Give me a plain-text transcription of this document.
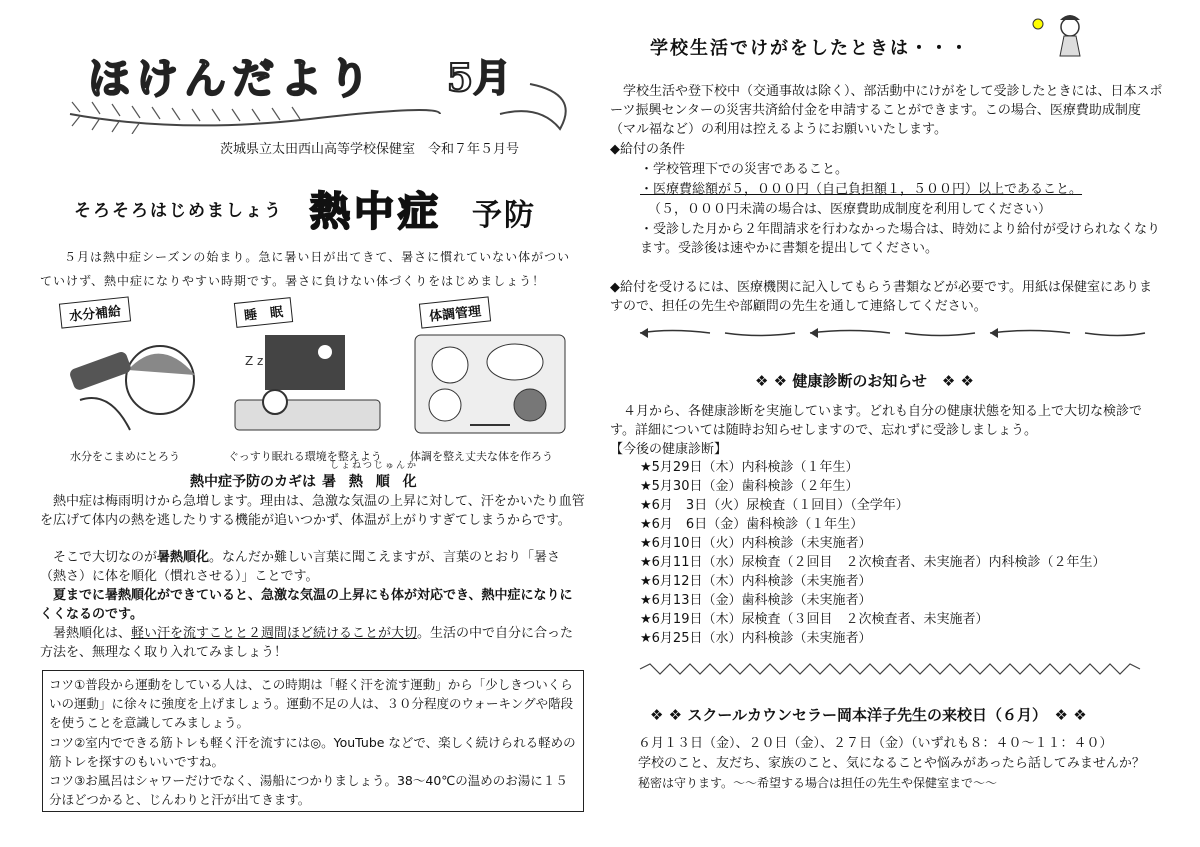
ほけんだより 5月
茨城県立太田西山高等学校保健室　令和７年５月号
そろそろはじめましょう 熱中症 予防
５月は熱中症シーズンの始まり。急に暑い日が出てきて、暑さに慣れていない体がついていけず、熱中症になりやすい時期です。暑さに負けない体づくりをはじめましょう！
水分補給	睡　眠
Z z
体調管理
水分をこまめにとろう	ぐっすり眠れる環境を整えよう	体調を整え丈夫な体を作ろう
熱中症予防のカギは
しょねつじゅんか
暑 熱 順 化
熱中症は梅雨明けから急増します。理由は、急激な気温の上昇に対して、汗をかいたり血管を広げて体内の熱を逃したりする機能が追いつかず、体温が上がりすぎてしまうからです。
そこで大切なのが暑熱順化。なんだか難しい言葉に聞こえますが、言葉のとおり「暑さ（熱さ）に体を順化（慣れさせる）」ことです。
夏までに暑熱順化ができていると、急激な気温の上昇にも体が対応でき、熱中症になりにくくなるのです。
暑熱順化は、軽い汗を流すことと２週間ほど続けることが大切。生活の中で自分に合った方法を、無理なく取り入れてみましょう！
コツ①普段から運動をしている人は、この時期は「軽く汗を流す運動」から「少しきついくらいの運動」に徐々に強度を上げましょう。運動不足の人は、３０分程度のウォーキングや階段を使うことを意識してみましょう。
コツ②室内でできる筋トレも軽く汗を流すには◎。YouTube などで、楽しく続けられる軽めの筋トレを探すのもいいですね。
コツ③お風呂はシャワーだけでなく、湯船につかりましょう。38～40℃の温めのお湯に１５分ほどつかると、じんわりと汗が出てきます。
学校生活でけがをしたときは・・・
学校生活や登下校中（交通事故は除く）、部活動中にけがをして受診したときには、日本スポーツ振興センターの災害共済給付金を申請することができます。この場合、医療費助成制度（マル福など）の利用は控えるようにお願いいたします。
◆給付の条件
・学校管理下での災害であること。
・医療費総額が５，０００円（自己負担額１，５００円）以上であること。
（５，０００円未満の場合は、医療費助成制度を利用してください）
・受診した月から２年間請求を行わなかった場合は、時効により給付が受けられなくなります。受診後は速やかに書類を提出してください。
◆給付を受けるには、医療機関に記入してもらう書類などが必要です。用紙は保健室にありますので、担任の先生や部顧問の先生を通して連絡してください。
❖ ❖ 健康診断のお知らせ　❖ ❖
４月から、各健康診断を実施しています。どれも自分の健康状態を知る上で大切な検診です。詳細については随時お知らせしますので、忘れずに受診しましょう。
【今後の健康診断】
★5月29日（木）内科検診（１年生）
★5月30日（金）歯科検診（２年生）
★6月　3日（火）尿検査（１回目）（全学年）
★6月　6日（金）歯科検診（１年生）
★6月10日（火）内科検診（未実施者）
★6月11日（水）尿検査（２回目　２次検査者、未実施者）内科検診（２年生）
★6月12日（木）内科検診（未実施者）
★6月13日（金）歯科検診（未実施者）
★6月19日（木）尿検査（３回目　２次検査者、未実施者）
★6月25日（水）内科検診（未実施者）
❖ ❖ スクールカウンセラー岡本洋子先生の来校日（６月）　❖ ❖
６月１３日（金）、２０日（金）、２７日（金）（いずれも８：４０～１１：４０）
学校のこと、友だち、家族のこと、気になることや悩みがあったら話してみませんか？
秘密は守ります。～～希望する場合は担任の先生や保健室まで～～
